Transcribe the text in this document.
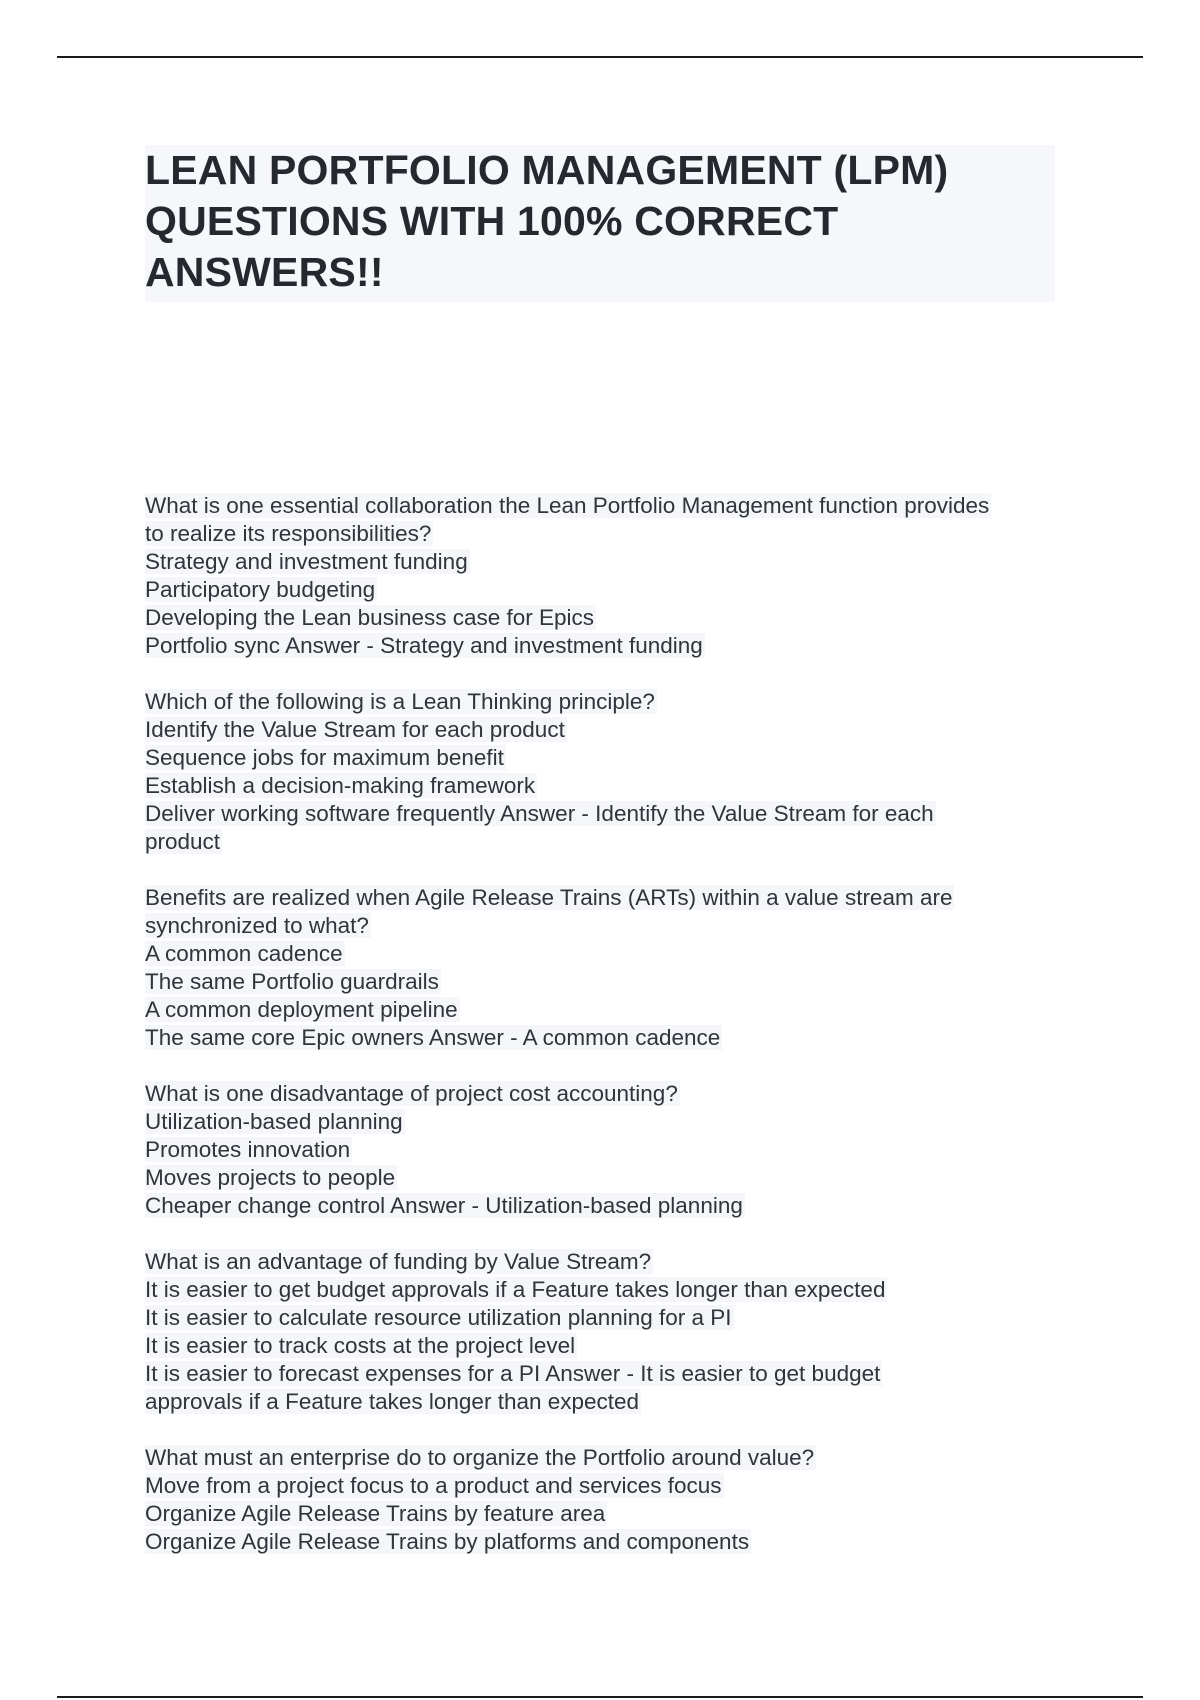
LEAN PORTFOLIO MANAGEMENT (LPM)
QUESTIONS WITH 100% CORRECT
ANSWERS!!
What is one essential collaboration the Lean Portfolio Management function provides
to realize its responsibilities?
Strategy and investment funding
Participatory budgeting
Developing the Lean business case for Epics
Portfolio sync Answer - Strategy and investment funding
Which of the following is a Lean Thinking principle?
Identify the Value Stream for each product
Sequence jobs for maximum benefit
Establish a decision-making framework
Deliver working software frequently Answer - Identify the Value Stream for each
product
Benefits are realized when Agile Release Trains (ARTs) within a value stream are
synchronized to what?
A common cadence
The same Portfolio guardrails
A common deployment pipeline
The same core Epic owners Answer - A common cadence
What is one disadvantage of project cost accounting?
Utilization-based planning
Promotes innovation
Moves projects to people
Cheaper change control Answer - Utilization-based planning
What is an advantage of funding by Value Stream?
It is easier to get budget approvals if a Feature takes longer than expected
It is easier to calculate resource utilization planning for a PI
It is easier to track costs at the project level
It is easier to forecast expenses for a PI Answer - It is easier to get budget
approvals if a Feature takes longer than expected
What must an enterprise do to organize the Portfolio around value?
Move from a project focus to a product and services focus
Organize Agile Release Trains by feature area
Organize Agile Release Trains by platforms and components
